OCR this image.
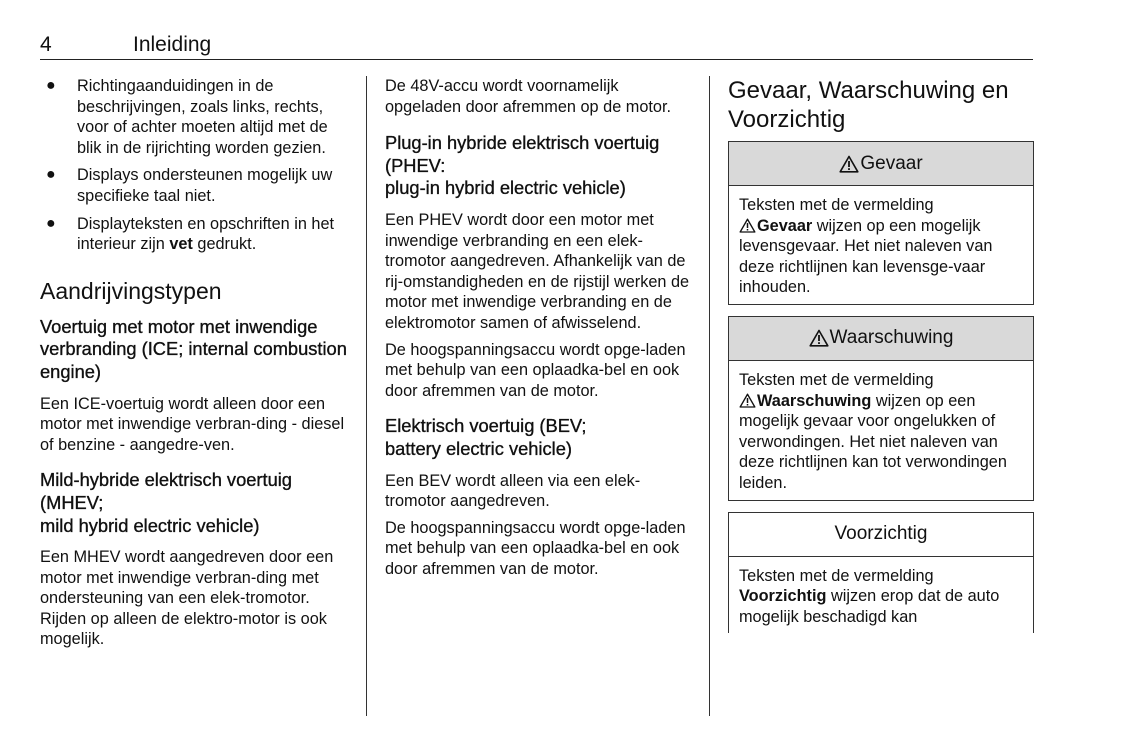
4	Inleiding
● Richtingaanduidingen in de beschrijvingen, zoals links, rechts, voor of achter moeten altijd met de blik in de rijrichting worden gezien.
● Displays ondersteunen mogelijk uw specifieke taal niet.
● Displayteksten en opschriften in het interieur zijn vet gedrukt.
Aandrijvingstypen
Voertuig met motor met inwendige verbranding (ICE; internal combustion engine)

Een ICE-voertuig wordt alleen door een motor met inwendige verbran-ding - diesel of benzine - aangedre-ven.

Mild-hybride elektrisch voertuig (MHEV;
mild hybrid electric vehicle)

Een MHEV wordt aangedreven door een motor met inwendige verbran-ding met ondersteuning van een elek-tromotor. Rijden op alleen de elektro-motor is ook mogelijk.

De 48V-accu wordt voornamelijk opgeladen door afremmen op de motor.

Plug-in hybride elektrisch voertuig (PHEV:
plug-in hybrid electric vehicle)

Een PHEV wordt door een motor met inwendige verbranding en een elek-tromotor aangedreven. Afhankelijk van de rij-omstandigheden en de rijstijl werken de motor met inwendige verbranding en de elektromotor samen of afwisselend.

De hoogspanningsaccu wordt opge-laden met behulp van een oplaadka-bel en ook door afremmen van de motor.

Elektrisch voertuig (BEV;
battery electric vehicle)

Een BEV wordt alleen via een elek-tromotor aangedreven.

De hoogspanningsaccu wordt opge-laden met behulp van een oplaadka-bel en ook door afremmen van de motor.

Gevaar, Waarschuwing en
Voorzichtig
Gevaar

Teksten met de vermelding
Gevaar wijzen op een mogelijk levensgevaar. Het niet naleven van deze richtlijnen kan levensge-vaar inhouden.

Waarschuwing

Teksten met de vermelding
Waarschuwing wijzen op een mogelijk gevaar voor ongelukken of verwondingen. Het niet naleven van deze richtlijnen kan tot verwondingen leiden.

Voorzichtig

Teksten met de vermelding
Voorzichtig wijzen erop dat de auto mogelijk beschadigd kan
